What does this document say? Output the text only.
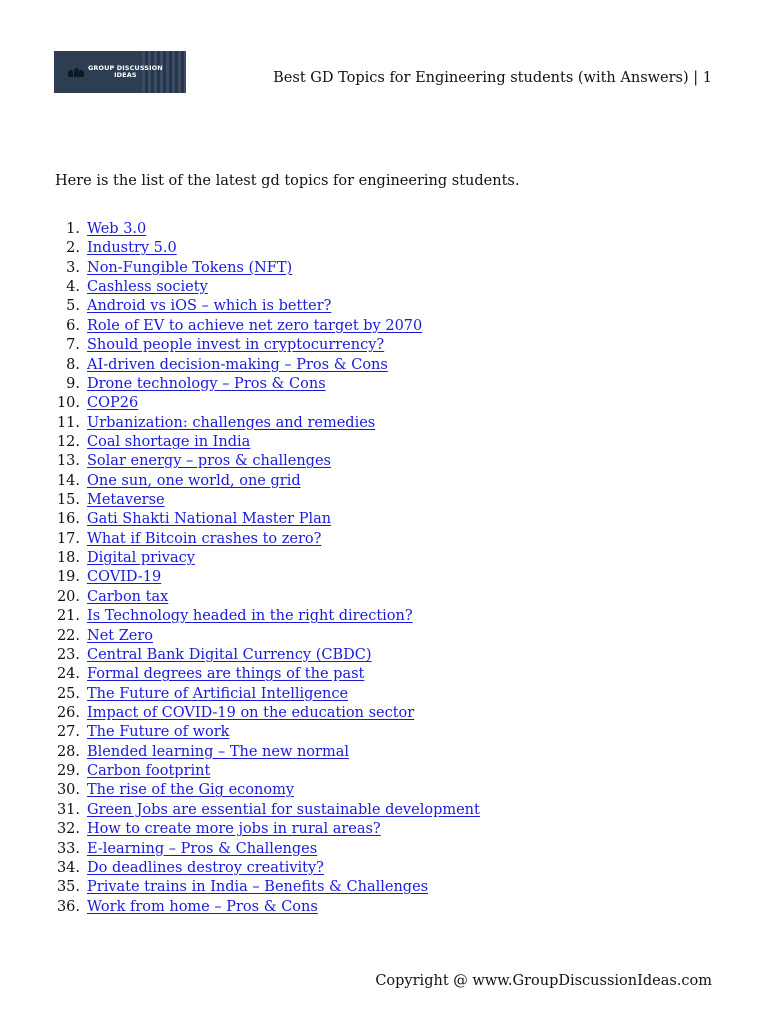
GROUP DISCUSSION
IDEAS	Best GD Topics for Engineering students (with Answers) | 1
Here is the list of the latest gd topics for engineering students.
1. Web 3.0
2. Industry 5.0
3. Non-Fungible Tokens (NFT)
4. Cashless society
5. Android vs iOS – which is better?
6. Role of EV to achieve net zero target by 2070
7. Should people invest in cryptocurrency?
8. AI-driven decision-making – Pros & Cons
9. Drone technology – Pros & Cons
10. COP26
11. Urbanization: challenges and remedies
12. Coal shortage in India
13. Solar energy – pros & challenges
14. One sun, one world, one grid
15. Metaverse
16. Gati Shakti National Master Plan
17. What if Bitcoin crashes to zero?
18. Digital privacy
19. COVID-19
20. Carbon tax
21. Is Technology headed in the right direction?
22. Net Zero
23. Central Bank Digital Currency (CBDC)
24. Formal degrees are things of the past
25. The Future of Artificial Intelligence
26. Impact of COVID-19 on the education sector
27. The Future of work
28. Blended learning – The new normal
29. Carbon footprint
30. The rise of the Gig economy
31. Green Jobs are essential for sustainable development
32. How to create more jobs in rural areas?
33. E-learning – Pros & Challenges
34. Do deadlines destroy creativity?
35. Private trains in India – Benefits & Challenges
36. Work from home – Pros & Cons
Copyright @ www.GroupDiscussionIdeas.com
